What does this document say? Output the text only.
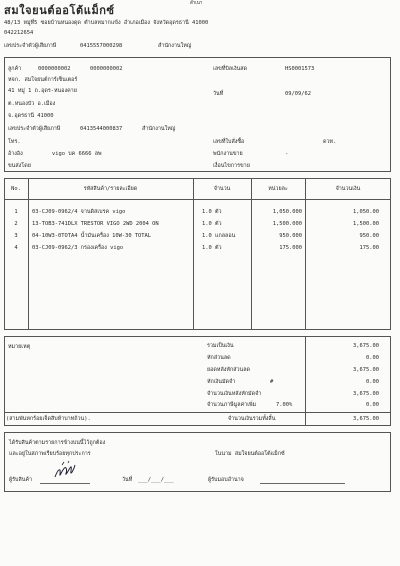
สำเนา
สมใจยนต์ออโต้แม็กซ์
48/13 หมู่ที่5 ซอยบ้านหนองดุด ตำบลหมากแข้ง อำเภอเมือง จังหวัดอุดรธานี 41000
042212654
เลขประจำตัวผู้เสียภาษี	0415557000298	สำนักงานใหญ่
ลูกค้า	0000000002	0000000002
หจก. สมใจยนต์การ์เซ็นเตอร์
41 หมู่ 1 ถ.อุดร-หนองคาย
ต.หนองบัว อ.เมือง
จ.อุดรธานี 41000
เลขประจำตัวผู้เสียภาษี	0413544000837	สำนักงานใหญ่
โทร.
อ้างอิง	vigo บค 6666 ลพ
ขนส่งโดย
เลขที่บิลเงินสด	HS0001573
วันที่	09/09/62
เลขที่ใบสั่งซื้อ	ดวท.
พนักงานขาย	-
เงื่อนไขการขาย
No.	รหัสสินค้า/รายละเอียด	จำนวน	หน่วยละ	จำนวนเงิน
1	03-CJ09-0962/4 จานดิสเบรค vigo	1.0 ตัว	1,050.000	1,050.00
2	13-TOB3-741DLX TRESTOR VIGO 2WD 2004 ON	1.0 ตัว	1,500.000	1,500.00
3	04-10W3-0TOTA4 น้ำมันเครื่อง 10W-30 TOTAL	1.0 แกลลอน	950.000	950.00
4	03-CJ09-0962/3 กรองเครื่อง vigo	1.0 ตัว	175.000	175.00
หมายเหตุ	รวมเป็นเงิน	3,675.00
หักส่วนลด	0.00
ยอดหลังหักส่วนลด	3,675.00
หักเงินมัดจำ	#	0.00
จำนวนเงินหลังหักมัดจำ	3,675.00
จำนวนภาษีมูลค่าเพิ่ม	7.00%	0.00
(สามพันหกร้อยเจ็ดสิบห้าบาทถ้วน).	จำนวนเงินรวมทั้งสิ้น	3,675.00
ได้รับสินค้าตามรายการข้างบนนี้ไว้ถูกต้อง
และอยู่ในสภาพเรียบร้อยทุกประการ	ในนาม สมใจยนต์ออโต้แม็กซ์
ผู้รับสินค้า	วันที่ ___/___/___	ผู้รับมอบอำนาจ
